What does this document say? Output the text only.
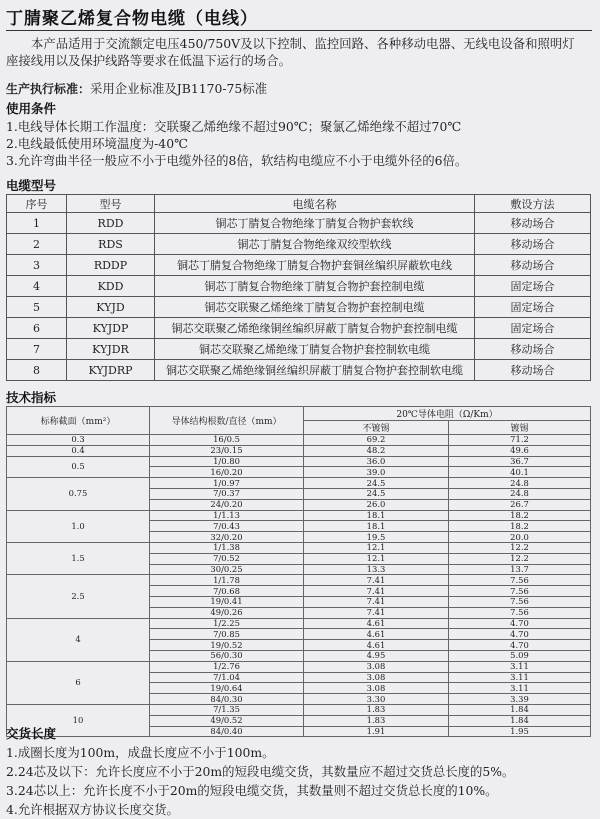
丁腈聚乙烯复合物电缆（电线）

本产品适用于交流额定电压450/750V及以下控制、监控回路、各种移动电器、无线电设备和照明灯座接线用以及保护线路等要求在低温下运行的场合。

生产执行标准：采用企业标准及JB1170-75标准
使用条件
1.电线导体长期工作温度：交联聚乙烯绝缘不超过90℃；聚氯乙烯绝缘不超过70℃
2.电线最低使用环境温度为-40℃
3.允许弯曲半径一般应不小于电缆外径的8倍，软结构电缆应不小于电缆外径的6倍。
电缆型号
序号	型号	电缆名称	敷设方法
1	RDD	铜芯丁腈复合物绝缘丁腈复合物护套软线	移动场合
2	RDS	铜芯丁腈复合物绝缘双绞型软线	移动场合
3	RDDP	铜芯丁腈复合物绝缘丁腈复合物护套铜丝编织屏蔽软电线	移动场合
4	KDD	铜芯丁腈复合物绝缘丁腈复合物护套控制电缆	固定场合
5	KYJD	铜芯交联聚乙烯绝缘丁腈复合物护套控制电缆	固定场合
6	KYJDP	铜芯交联聚乙烯绝缘铜丝编织屏蔽丁腈复合物护套控制电缆	固定场合
7	KYJDR	铜芯交联聚乙烯绝缘丁腈复合物护套控制软电缆	移动场合
8	KYJDRP	铜芯交联聚乙烯绝缘铜丝编织屏蔽丁腈复合物护套控制软电缆	移动场合
技术指标
标称截面（mm²）	导体结构根数/直径（mm）	20℃导体电阻（Ω/Km）	
		不镀锡	镀锡
0.3	16/0.5	69.2	71.2
0.4	23/0.15	48.2	49.6
0.5	1/0.80	36.0	36.7
	16/0.20	39.0	40.1
0.75	1/0.97	24.5	24.8
	7/0.37	24.5	24.8
	24/0.20	26.0	26.7
1.0	1/1.13	18.1	18.2
	7/0.43	18.1	18.2
	32/0.20	19.5	20.0
1.5	1/1.38	12.1	12.2
	7/0.52	12.1	12.2
	30/0.25	13.3	13.7
2.5	1/1.78	7.41	7.56
	7/0.68	7.41	7.56
	19/0.41	7.41	7.56
	49/0.26	7.41	7.56
4	1/2.25	4.61	4.70
	7/0.85	4.61	4.70
	19/0.52	4.61	4.70
	56/0.30	4.95	5.09
6	1/2.76	3.08	3.11
	7/1.04	3.08	3.11
	19/0.64	3.08	3.11
	84/0.30	3.30	3.39
10	7/1.35	1.83	1.84
	49/0.52	1.83	1.84
	84/0.40	1.91	1.95
交货长度
1.成圈长度为100m，成盘长度应不小于100m。
2.24芯及以下：允许长度应不小于20m的短段电缆交货，其数量应不超过交货总长度的5%。
3.24芯以上：允许长度不小于20m的短段电缆交货，其数量则不超过交货总长度的10%。
4.允许根据双方协议长度交货。
